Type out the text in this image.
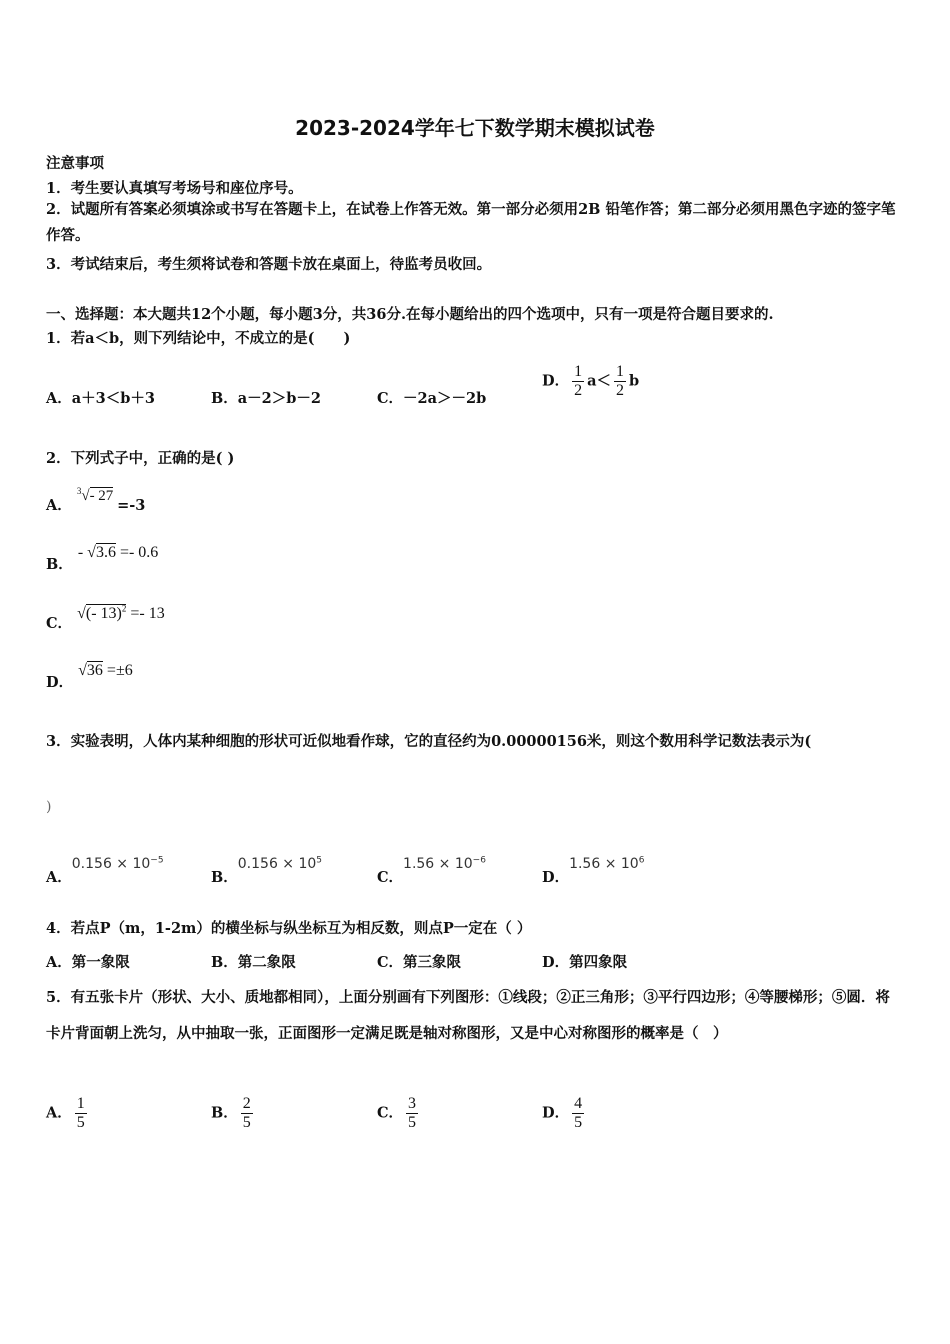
2023-2024学年七下数学期末模拟试卷
注意事项
1．考生要认真填写考场号和座位序号。
2．试题所有答案必须填涂或书写在答题卡上，在试卷上作答无效。第一部分必须用2B 铅笔作答；第二部分必须用黑色字迹的签字笔作答。
3．考试结束后，考生须将试卷和答题卡放在桌面上，待监考员收回。
一、选择题：本大题共12个小题，每小题3分，共36分.在每小题给出的四个选项中，只有一项是符合题目要求的.
1．若a＜b，则下列结论中，不成立的是(　　)
A．a＋3＜b＋3	B．a－2＞b－2	C．－2a＞－2b
D． $\frac{1}{2} a< \frac{1}{2}$ b
2．下列式子中，正确的是( )
A． $^3$√- 27 =-3
B． - √3.6 =- 0.6
C． √(- 13)$^2$ =- 13
D． √36 =±6
3．实验表明，人体内某种细胞的形状可近似地看作球，它的直径约为0.00000156米，则这个数用科学记数法表示为(
)
A．$0.156 \times 10^{-5}$
B．$0.156 \times 10^5$
C．$1.56 \times 10^{-6}$
D．$1.56 \times 10^6$
4．若点P（m，1-2m）的横坐标与纵坐标互为相反数，则点P一定在（ ）
A．第一象限	B．第二象限	C．第三象限	D．第四象限
5．有五张卡片（形状、大小、质地都相同），上面分别画有下列图形：①线段；②正三角形；③平行四边形；④等腰梯形；⑤圆．将卡片背面朝上洗匀，从中抽取一张，正面图形一定满足既是轴对称图形，又是中心对称图形的概率是（　）
A． $\frac{1}{5}$	B． $\frac{2}{5}$	C． $\frac{3}{5}$	D． $\frac{4}{5}$
